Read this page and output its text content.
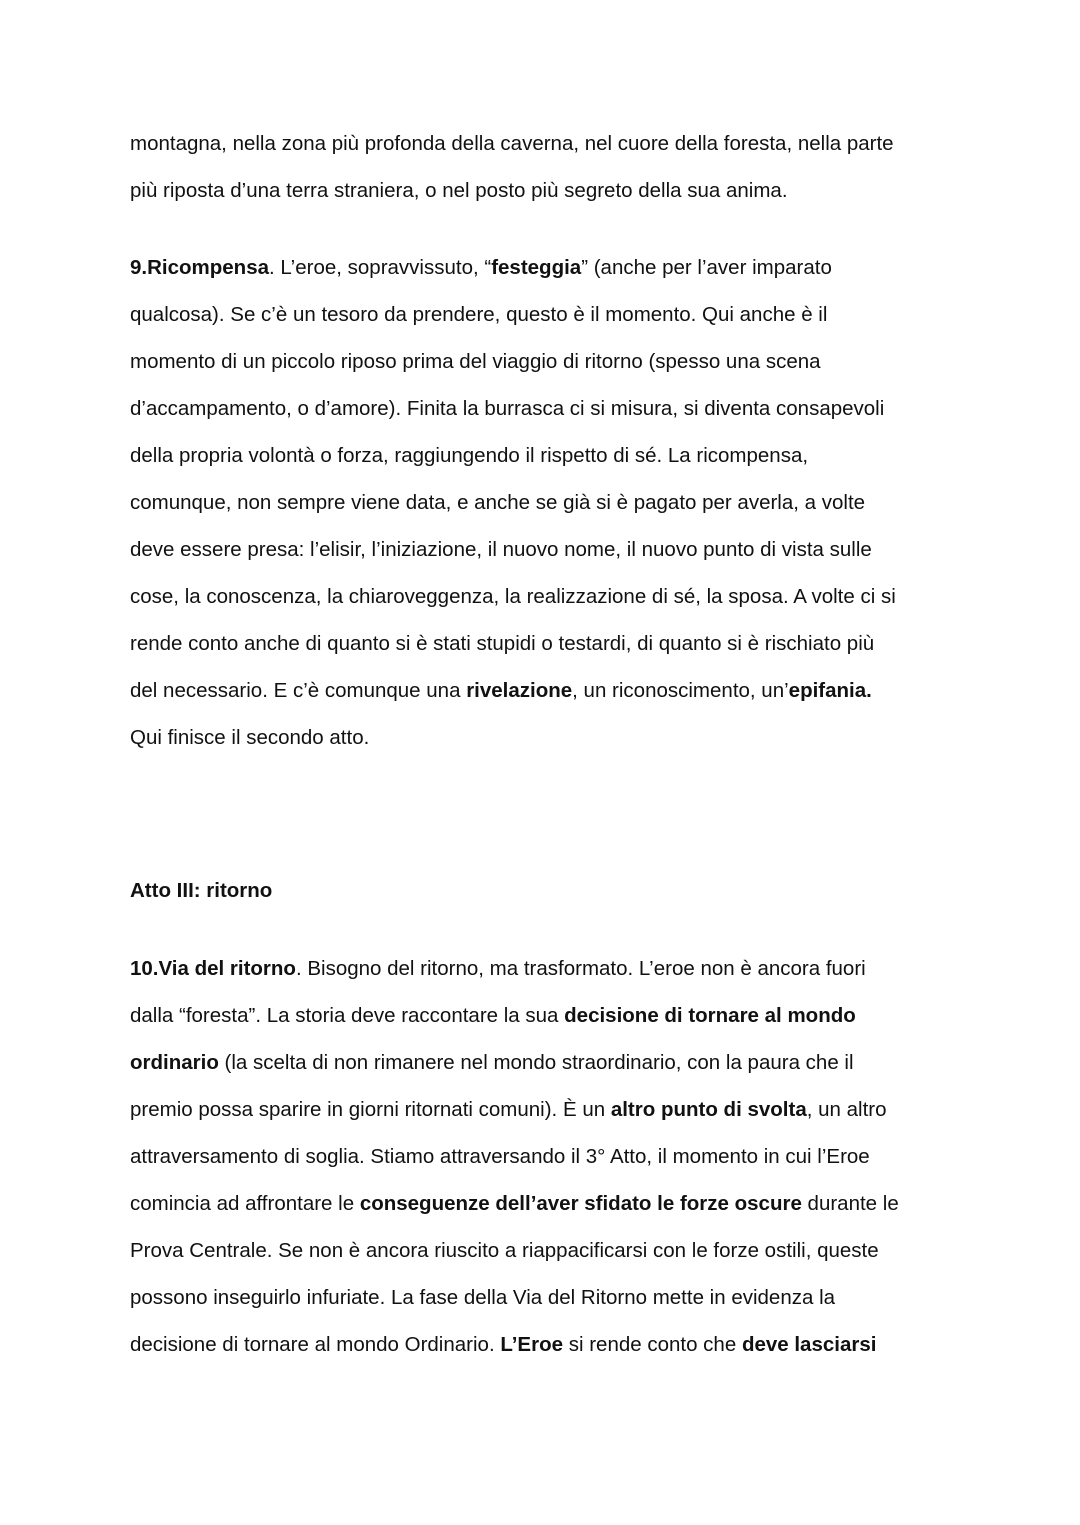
montagna, nella zona più profonda della caverna, nel cuore della foresta, nella parte
più riposta d’una terra straniera, o nel posto più segreto della sua anima.
9.Ricompensa. L’eroe, sopravvissuto, “festeggia” (anche per l’aver imparato
qualcosa). Se c’è un tesoro da prendere, questo è il momento. Qui anche è il
momento di un piccolo riposo prima del viaggio di ritorno (spesso una scena
d’accampamento, o d’amore). Finita la burrasca ci si misura, si diventa consapevoli
della propria volontà o forza, raggiungendo il rispetto di sé. La ricompensa,
comunque, non sempre viene data, e anche se già si è pagato per averla, a volte
deve essere presa: l’elisir, l’iniziazione, il nuovo nome, il nuovo punto di vista sulle
cose, la conoscenza, la chiaroveggenza, la realizzazione di sé, la sposa. A volte ci si
rende conto anche di quanto si è stati stupidi o testardi, di quanto si è rischiato più
del necessario. E c’è comunque una rivelazione, un riconoscimento, un’epifania.
Qui finisce il secondo atto.
Atto III: ritorno
10.Via del ritorno. Bisogno del ritorno, ma trasformato. L’eroe non è ancora fuori
dalla “foresta”. La storia deve raccontare la sua decisione di tornare al mondo
ordinario (la scelta di non rimanere nel mondo straordinario, con la paura che il
premio possa sparire in giorni ritornati comuni). È un altro punto di svolta, un altro
attraversamento di soglia. Stiamo attraversando il 3° Atto, il momento in cui l’Eroe
comincia ad affrontare le conseguenze dell’aver sfidato le forze oscure durante le
Prova Centrale. Se non è ancora riuscito a riappacificarsi con le forze ostili, queste
possono inseguirlo infuriate. La fase della Via del Ritorno mette in evidenza la
decisione di tornare al mondo Ordinario. L’Eroe si rende conto che deve lasciarsi
